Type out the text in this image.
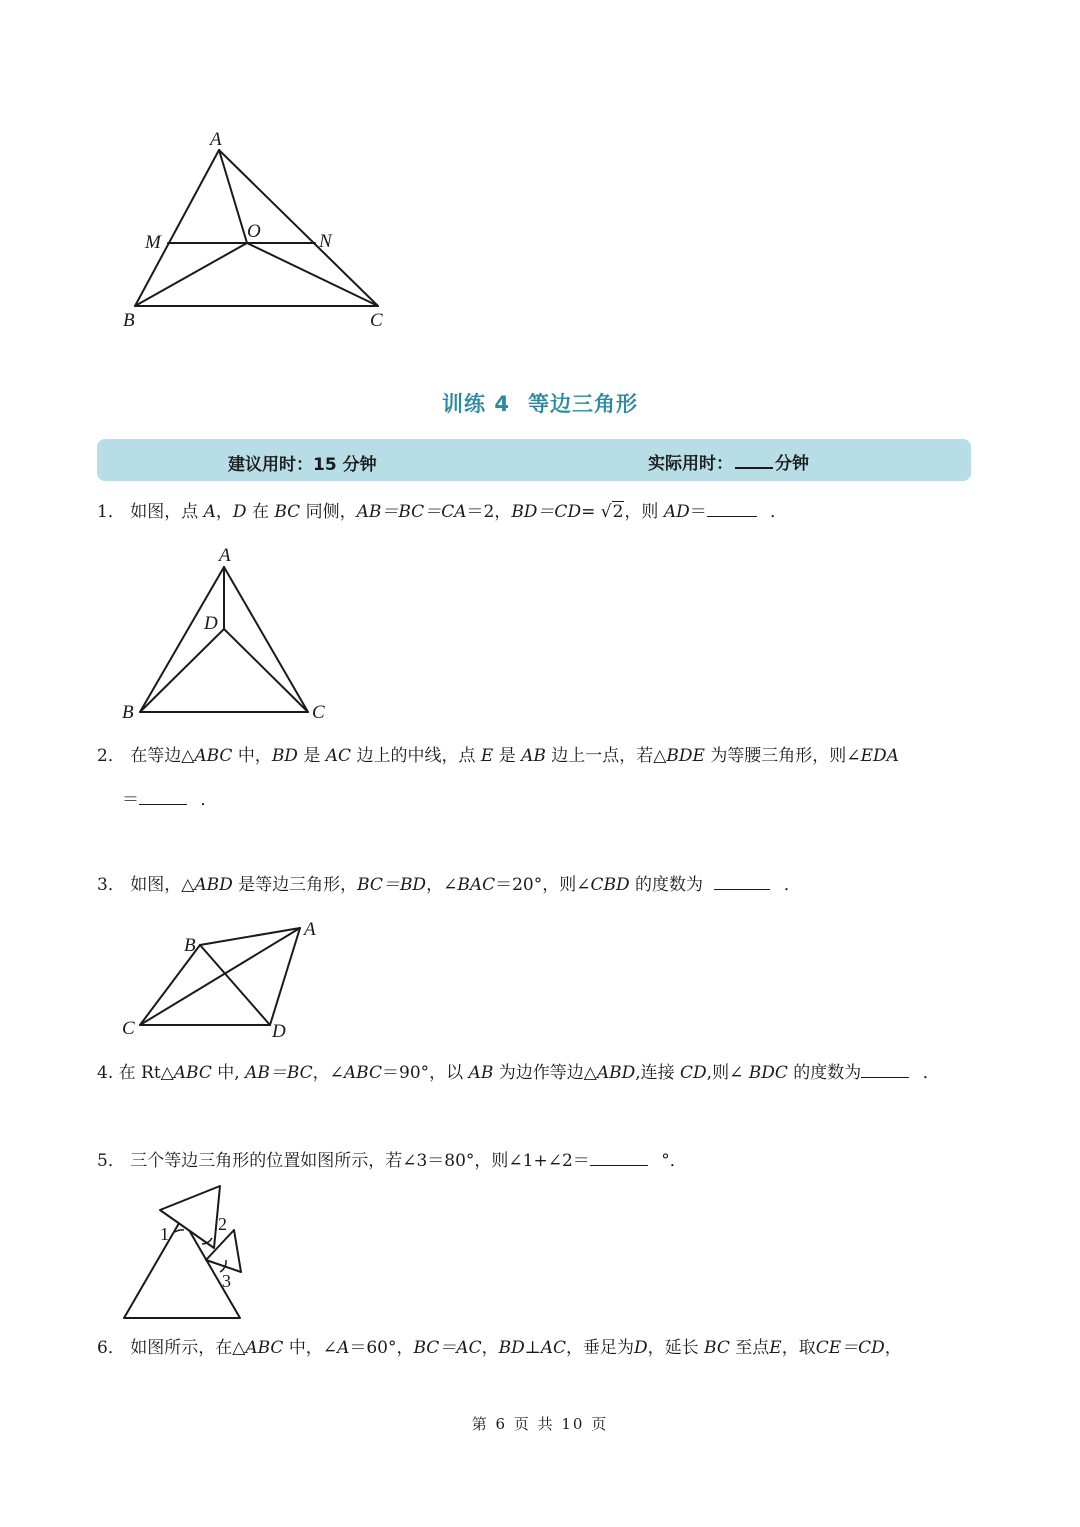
A
M
O	N
B	C
训练 4 等边三角形
建议用时：15 分钟	实际用时： 分钟
1． 如图，点 A，D 在 BC 同侧，AB＝BC＝CA＝2，BD＝CD= √2，则 AD＝	．
A
D
B	C
2． 在等边△ABC 中，BD 是 AC 边上的中线，点 E 是 AB 边上一点，若△BDE 为等腰三角形，则∠EDA
＝	．
3． 如图，△ABD 是等边三角形，BC＝BD，∠BAC＝20°，则∠CBD 的度数为	．
B
A
C	D
4. 在 Rt△ABC 中, AB＝BC，∠ABC＝90°，以 AB 为边作等边△ABD,连接 CD,则∠ BDC 的度数为	．
5． 三个等边三角形的位置如图所示，若∠3＝80°，则∠1+∠2＝	°．
1	2
3
6． 如图所示，在△ABC 中，∠A＝60°，BC＝AC，BD⊥AC，垂足为D，延长 BC 至点E，取CE＝CD，
第 6 页 共 10 页
